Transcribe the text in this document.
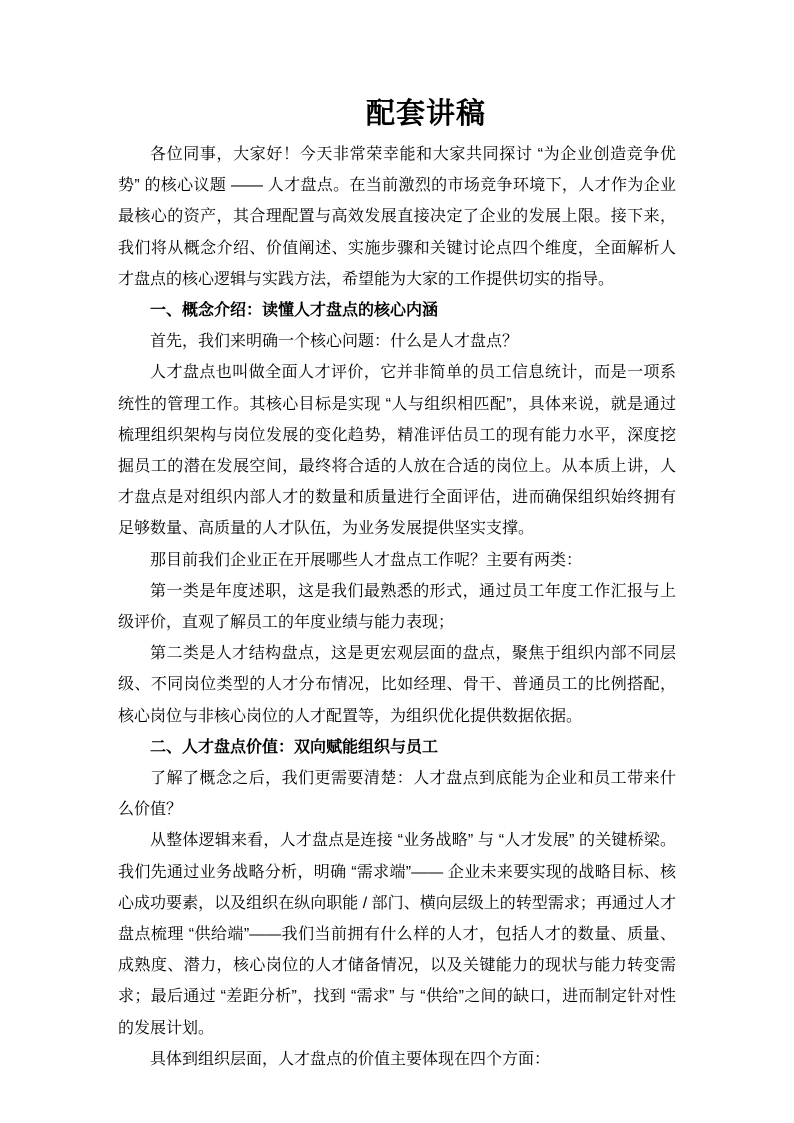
配套讲稿

各位同事，大家好！今天非常荣幸能和大家共同探讨 “为企业创造竞争优势” 的核心议题 —— 人才盘点。在当前激烈的市场竞争环境下，人才作为企业最核心的资产，其合理配置与高效发展直接决定了企业的发展上限。接下来，我们将从概念介绍、价值阐述、实施步骤和关键讨论点四个维度，全面解析人才盘点的核心逻辑与实践方法，希望能为大家的工作提供切实的指导。

一、概念介绍：读懂人才盘点的核心内涵

首先，我们来明确一个核心问题：什么是人才盘点？

人才盘点也叫做全面人才评价，它并非简单的员工信息统计，而是一项系统性的管理工作。其核心目标是实现 “人与组织相匹配”，具体来说，就是通过梳理组织架构与岗位发展的变化趋势，精准评估员工的现有能力水平，深度挖掘员工的潜在发展空间，最终将合适的人放在合适的岗位上。从本质上讲，人才盘点是对组织内部人才的数量和质量进行全面评估，进而确保组织始终拥有足够数量、高质量的人才队伍，为业务发展提供坚实支撑。

那目前我们企业正在开展哪些人才盘点工作呢？主要有两类：

第一类是年度述职，这是我们最熟悉的形式，通过员工年度工作汇报与上级评价，直观了解员工的年度业绩与能力表现；

第二类是人才结构盘点，这是更宏观层面的盘点，聚焦于组织内部不同层级、不同岗位类型的人才分布情况，比如经理、骨干、普通员工的比例搭配，核心岗位与非核心岗位的人才配置等，为组织优化提供数据依据。

二、人才盘点价值：双向赋能组织与员工

了解了概念之后，我们更需要清楚：人才盘点到底能为企业和员工带来什么价值？

从整体逻辑来看，人才盘点是连接 “业务战略” 与 “人才发展” 的关键桥梁。我们先通过业务战略分析，明确 “需求端”—— 企业未来要实现的战略目标、核心成功要素，以及组织在纵向职能 / 部门、横向层级上的转型需求；再通过人才盘点梳理 “供给端”——我们当前拥有什么样的人才，包括人才的数量、质量、成熟度、潜力，核心岗位的人才储备情况，以及关键能力的现状与能力转变需求；最后通过 “差距分析”，找到 “需求” 与 “供给”之间的缺口，进而制定针对性的发展计划。

具体到组织层面，人才盘点的价值主要体现在四个方面：
